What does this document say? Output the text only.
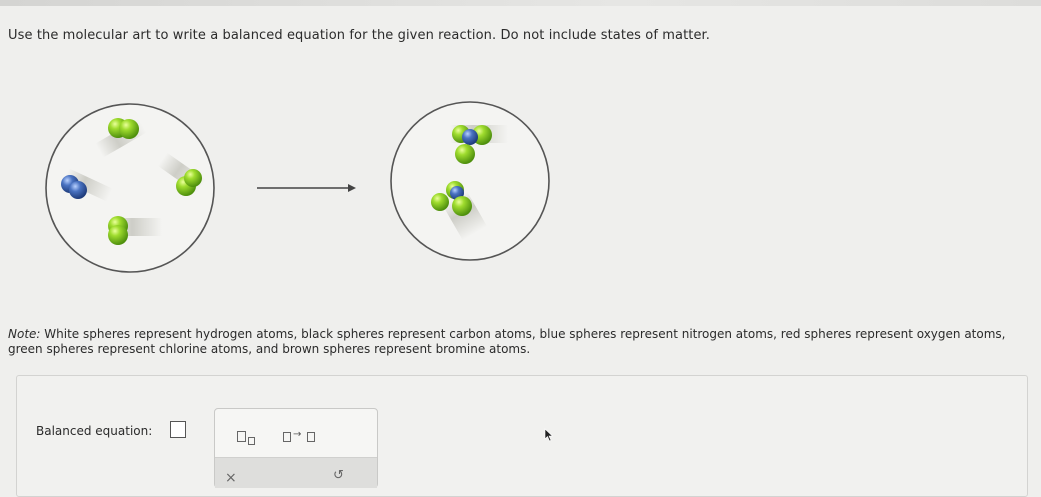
Use the molecular art to write a balanced equation for the given reaction. Do not include states of matter.
Note: White spheres represent hydrogen atoms, black spheres represent carbon atoms, blue spheres represent nitrogen atoms, red spheres represent oxygen atoms, green spheres represent chlorine atoms, and brown spheres represent bromine atoms.
Balanced equation:	→
×	↺
